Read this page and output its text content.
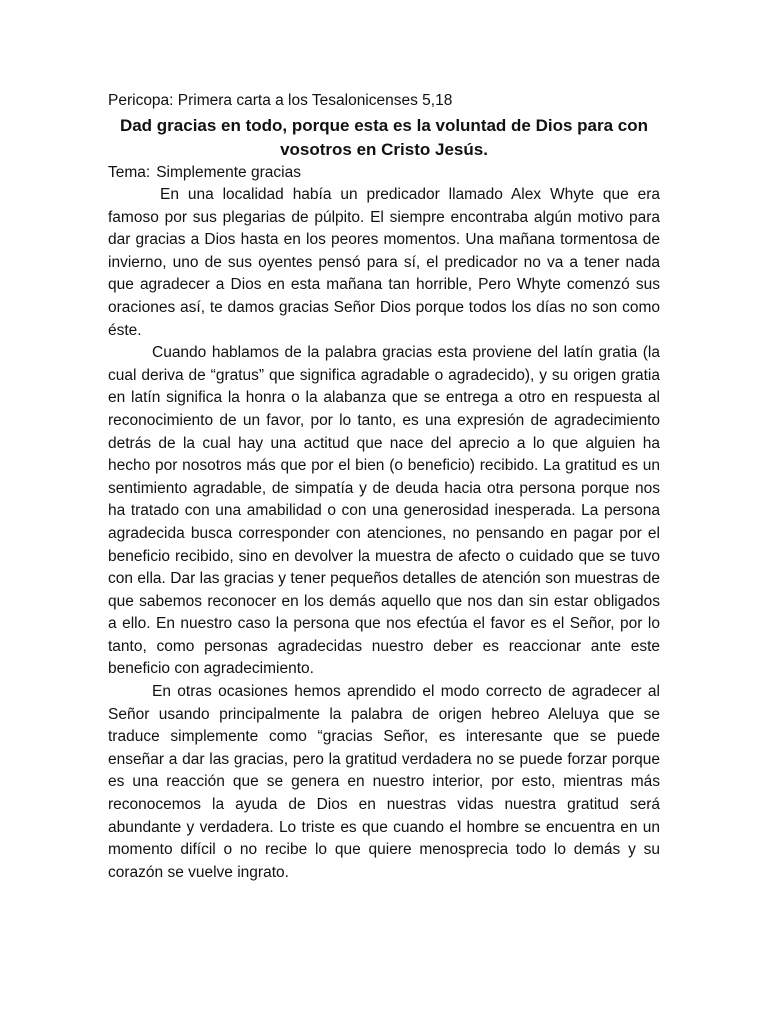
Pericopa: Primera carta a los Tesalonicenses 5,18

Dad gracias en todo, porque esta es la voluntad de Dios para con vosotros en Cristo Jesús.

Tema: Simplemente gracias

En una localidad había un predicador llamado Alex Whyte que era famoso por sus plegarias de púlpito. El siempre encontraba algún motivo para dar gracias a Dios hasta en los peores momentos. Una mañana tormentosa de invierno, uno de sus oyentes pensó para sí, el predicador no va a tener nada que agradecer a Dios en esta mañana tan horrible, Pero Whyte comenzó sus oraciones así, te damos gracias Señor Dios porque todos los días no son como éste.

Cuando hablamos de la palabra gracias esta proviene del latín gratia (la cual deriva de “gratus” que significa agradable o agradecido), y su origen gratia en latín significa la honra o la alabanza que se entrega a otro en respuesta al reconocimiento de un favor, por lo tanto, es una expresión de agradecimiento detrás de la cual hay una actitud que nace del aprecio a lo que alguien ha hecho por nosotros más que por el bien (o beneficio) recibido. La gratitud es un sentimiento agradable, de simpatía y de deuda hacia otra persona porque nos ha tratado con una amabilidad o con una generosidad inesperada. La persona agradecida busca corresponder con atenciones, no pensando en pagar por el beneficio recibido, sino en devolver la muestra de afecto o cuidado que se tuvo con ella. Dar las gracias y tener pequeños detalles de atención son muestras de que sabemos reconocer en los demás aquello que nos dan sin estar obligados a ello. En nuestro caso la persona que nos efectúa el favor es el Señor, por lo tanto, como personas agradecidas nuestro deber es reaccionar ante este beneficio con agradecimiento.

En otras ocasiones hemos aprendido el modo correcto de agradecer al Señor usando principalmente la palabra de origen hebreo Aleluya que se traduce simplemente como “gracias Señor, es interesante que se puede enseñar a dar las gracias, pero la gratitud verdadera no se puede forzar porque es una reacción que se genera en nuestro interior, por esto, mientras más reconocemos la ayuda de Dios en nuestras vidas nuestra gratitud será abundante y verdadera. Lo triste es que cuando el hombre se encuentra en un momento difícil o no recibe lo que quiere menosprecia todo lo demás y su corazón se vuelve ingrato.
